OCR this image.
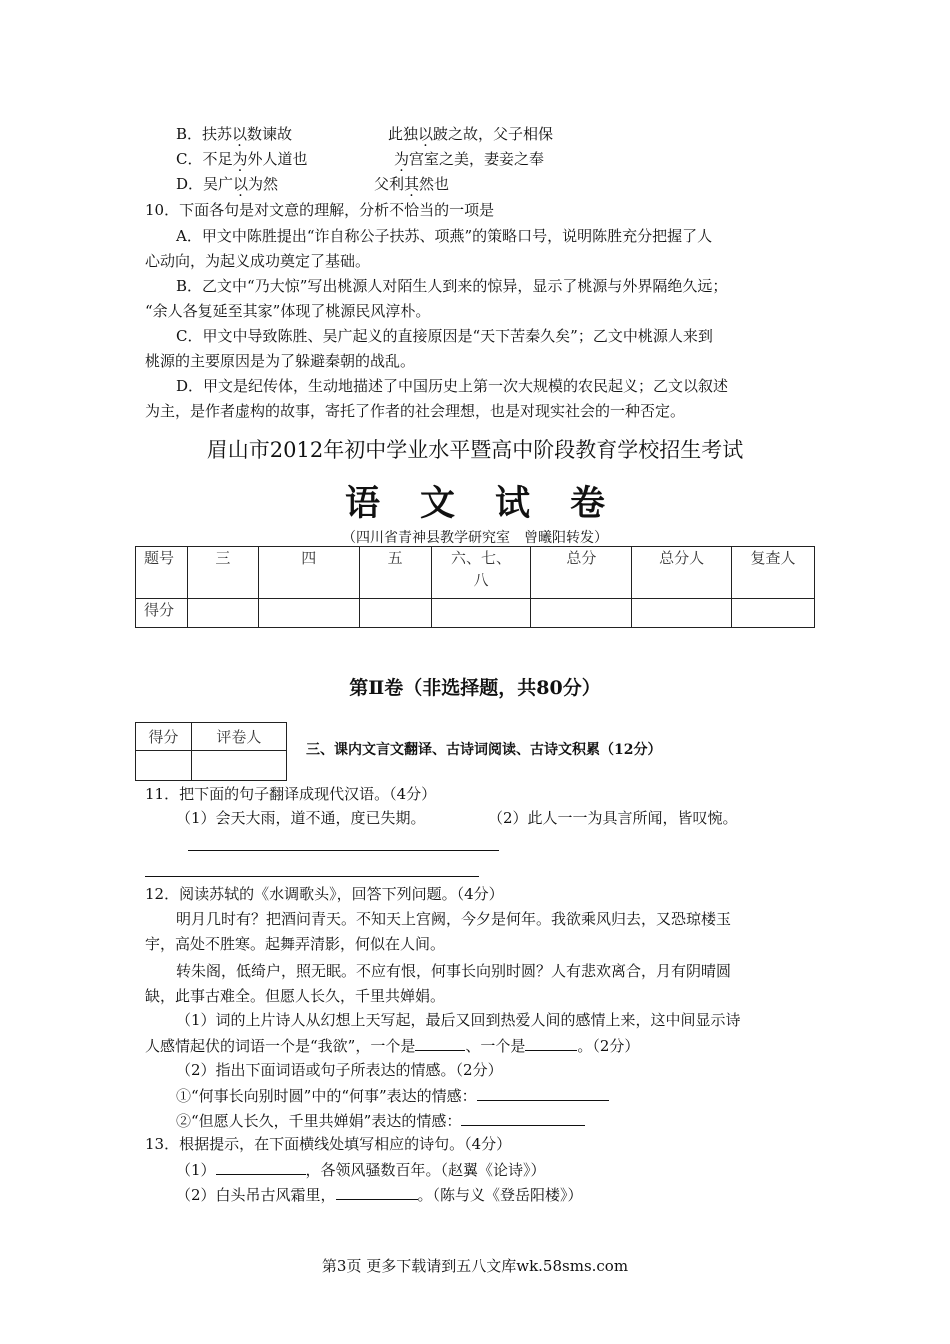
B．扶苏以数谏故	此独以跛之故，父子相保
C．不足为外人道也	为宫室之美，妻妾之奉
D．吴广以为然	父利其然也
10．下面各句是对文意的理解，分析不恰当的一项是
A．甲文中陈胜提出“诈自称公子扶苏、项燕”的策略口号，说明陈胜充分把握了人
心动向，为起义成功奠定了基础。
B．乙文中“乃大惊”写出桃源人对陌生人到来的惊异，显示了桃源与外界隔绝久远；
“余人各复延至其家”体现了桃源民风淳朴。
C．甲文中导致陈胜、吴广起义的直接原因是“天下苦秦久矣”；乙文中桃源人来到
桃源的主要原因是为了躲避秦朝的战乱。
D．甲文是纪传体，生动地描述了中国历史上第一次大规模的农民起义；乙文以叙述
为主，是作者虚构的故事，寄托了作者的社会理想，也是对现实社会的一种否定。
眉山市2012年初中学业水平暨高中阶段教育学校招生考试
语文试卷
（四川省青神县教学研究室　曾曦阳转发）
题号	三	四	五	六、七、八	总分	总分人	复查人
得分							
第Ⅱ卷（非选择题，共80分）
得分	评卷人

三、课内文言文翻译、古诗词阅读、古诗文积累（12分）
11．把下面的句子翻译成现代汉语。（4分）
（1）会天大雨，道不通，度已失期。	（2）此人一一为具言所闻，皆叹惋。
12．阅读苏轼的《水调歌头》，回答下列问题。（4分）
明月几时有？把酒问青天。不知天上宫阙，今夕是何年。我欲乘风归去，又恐琼楼玉
宇，高处不胜寒。起舞弄清影，何似在人间。
转朱阁，低绮户，照无眠。不应有恨，何事长向别时圆？人有悲欢离合，月有阴晴圆
缺，此事古难全。但愿人长久，千里共婵娟。
（1）词的上片诗人从幻想上天写起，最后又回到热爱人间的感情上来，这中间显示诗
人感情起伏的词语一个是“我欲”，一个是	、一个是	。（2分）
（2）指出下面词语或句子所表达的情感。（2分）
①“何事长向别时圆”中的“何事”表达的情感：
②“但愿人长久，千里共婵娟”表达的情感：
13．根据提示，在下面横线处填写相应的诗句。（4分）
（1）	，各领风骚数百年。（赵翼《论诗》）
（2）白头吊古风霜里，	。（陈与义《登岳阳楼》）
第3页 更多下载请到五八文库wk.58sms.com
